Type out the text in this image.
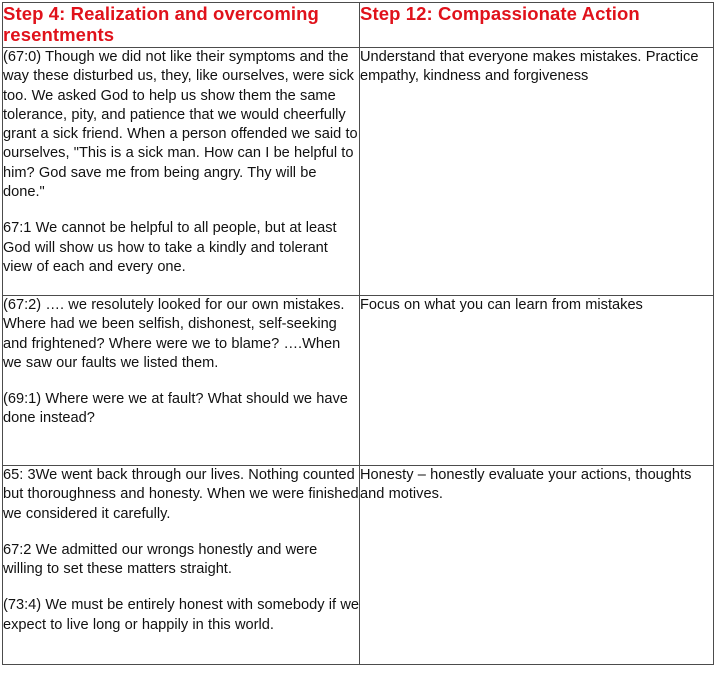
Step 4: Realization and overcoming resentments	Step 12: Compassionate Action

(67:0) Though we did not like their symptoms and the way these disturbed us, they, like ourselves, were sick too. We asked God to help us show them the same tolerance, pity, and patience that we would cheerfully grant a sick friend. When a person offended we said to ourselves, "This is a sick man. How can I be helpful to him? God save me from being angry. Thy will be done."

67:1 We cannot be helpful to all people, but at least God will show us how to take a kindly and tolerant view of each and every one.	Understand that everyone makes mistakes. Practice empathy, kindness and forgiveness

(67:2) …. we resolutely looked for our own mistakes. Where had we been selfish, dishonest, self-seeking and frightened? Where were we to blame? ….When we saw our faults we listed them.

(69:1) Where were we at fault? What should we have done instead?	Focus on what you can learn from mistakes

65: 3We went back through our lives. Nothing counted but thoroughness and honesty. When we were finished we considered it carefully.

67:2 We admitted our wrongs honestly and were willing to set these matters straight.

(73:4) We must be entirely honest with somebody if we expect to live long or happily in this world.	Honesty – honestly evaluate your actions, thoughts and motives.
